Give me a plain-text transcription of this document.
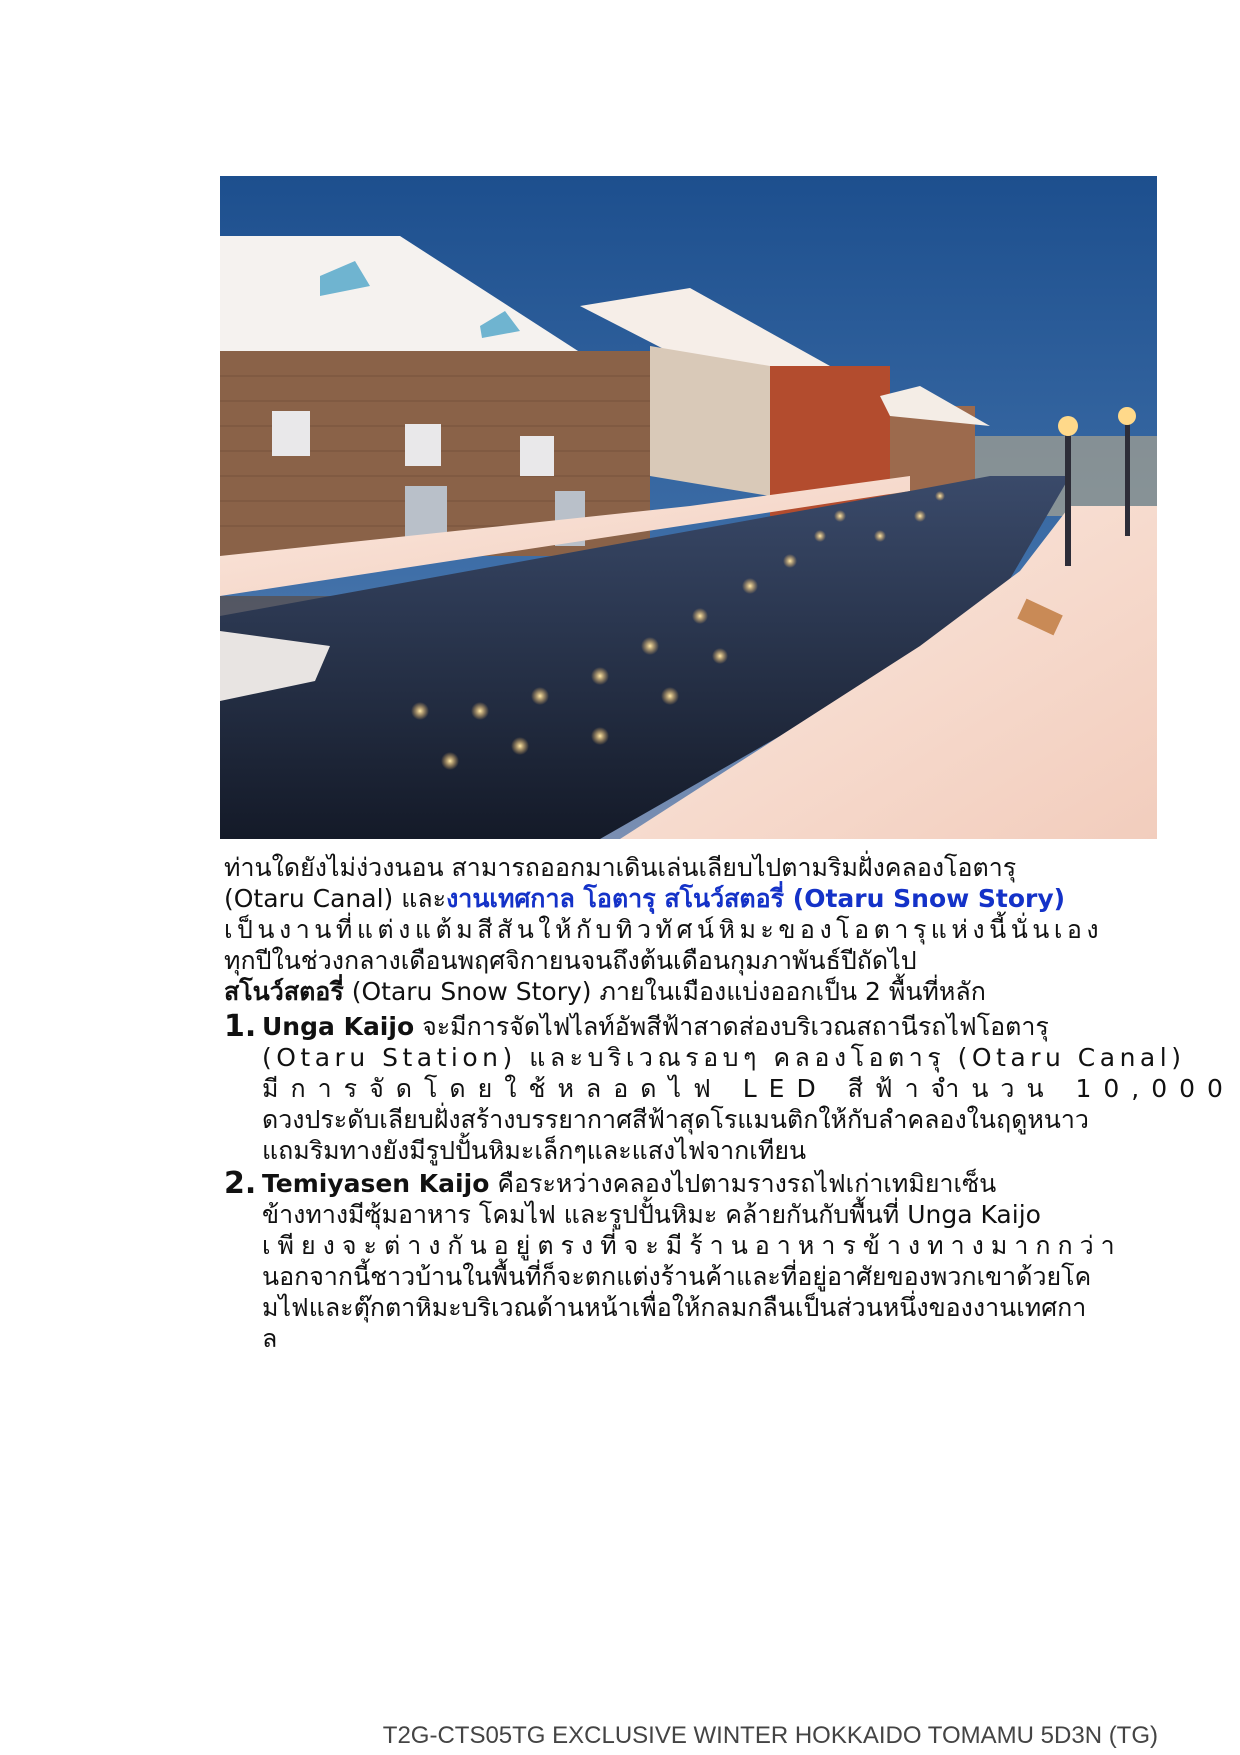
ท่านใดยังไม่ง่วงนอน สามารถออกมาเดินเล่นเลียบไปตามริมฝั่งคลองโอตารุ
(Otaru Canal) และงานเทศกาล โอตารุ สโนว์สตอรี่ (Otaru Snow Story)
เป็นงานที่แต่งแต้มสีสันให้กับทิวทัศน์หิมะของโอตารุแห่งนี้นั่นเอง
ทุกปีในช่วงกลางเดือนพฤศจิกายนจนถึงต้นเดือนกุมภาพันธ์ปีถัดไป

สโนว์สตอรี่ (Otaru Snow Story) ภายในเมืองแบ่งออกเป็น 2 พื้นที่หลัก

1. Unga Kaijo จะมีการจัดไฟไลท์อัพสีฟ้าสาดส่องบริเวณสถานีรถไฟโอตารุ
(Otaru Station) และบริเวณรอบๆ คลองโอตารุ (Otaru Canal)
มีการจัดโดยใช้หลอดไฟ LED สีฟ้าจำนวน 10,000
ดวงประดับเลียบฝั่งสร้างบรรยากาศสีฟ้าสุดโรแมนติกให้กับลำคลองในฤดูหนาว
แถมริมทางยังมีรูปปั้นหิมะเล็กๆและแสงไฟจากเทียน
2. Temiyasen Kaijo คือระหว่างคลองไปตามรางรถไฟเก่าเทมิยาเซ็น
ข้างทางมีซุ้มอาหาร โคมไฟ และรูปปั้นหิมะ คล้ายกันกับพื้นที่ Unga Kaijo
เพียงจะต่างกันอยู่ตรงที่จะมีร้านอาหารข้างทางมากกว่า
นอกจากนี้ชาวบ้านในพื้นที่ก็จะตกแต่งร้านค้าและที่อยู่อาศัยของพวกเขาด้วยโค
มไฟและตุ๊กตาหิมะบริเวณด้านหน้าเพื่อให้กลมกลืนเป็นส่วนหนึ่งของงานเทศกา
ล
T2G-CTS05TG EXCLUSIVE WINTER HOKKAIDO TOMAMU 5D3N (TG)
